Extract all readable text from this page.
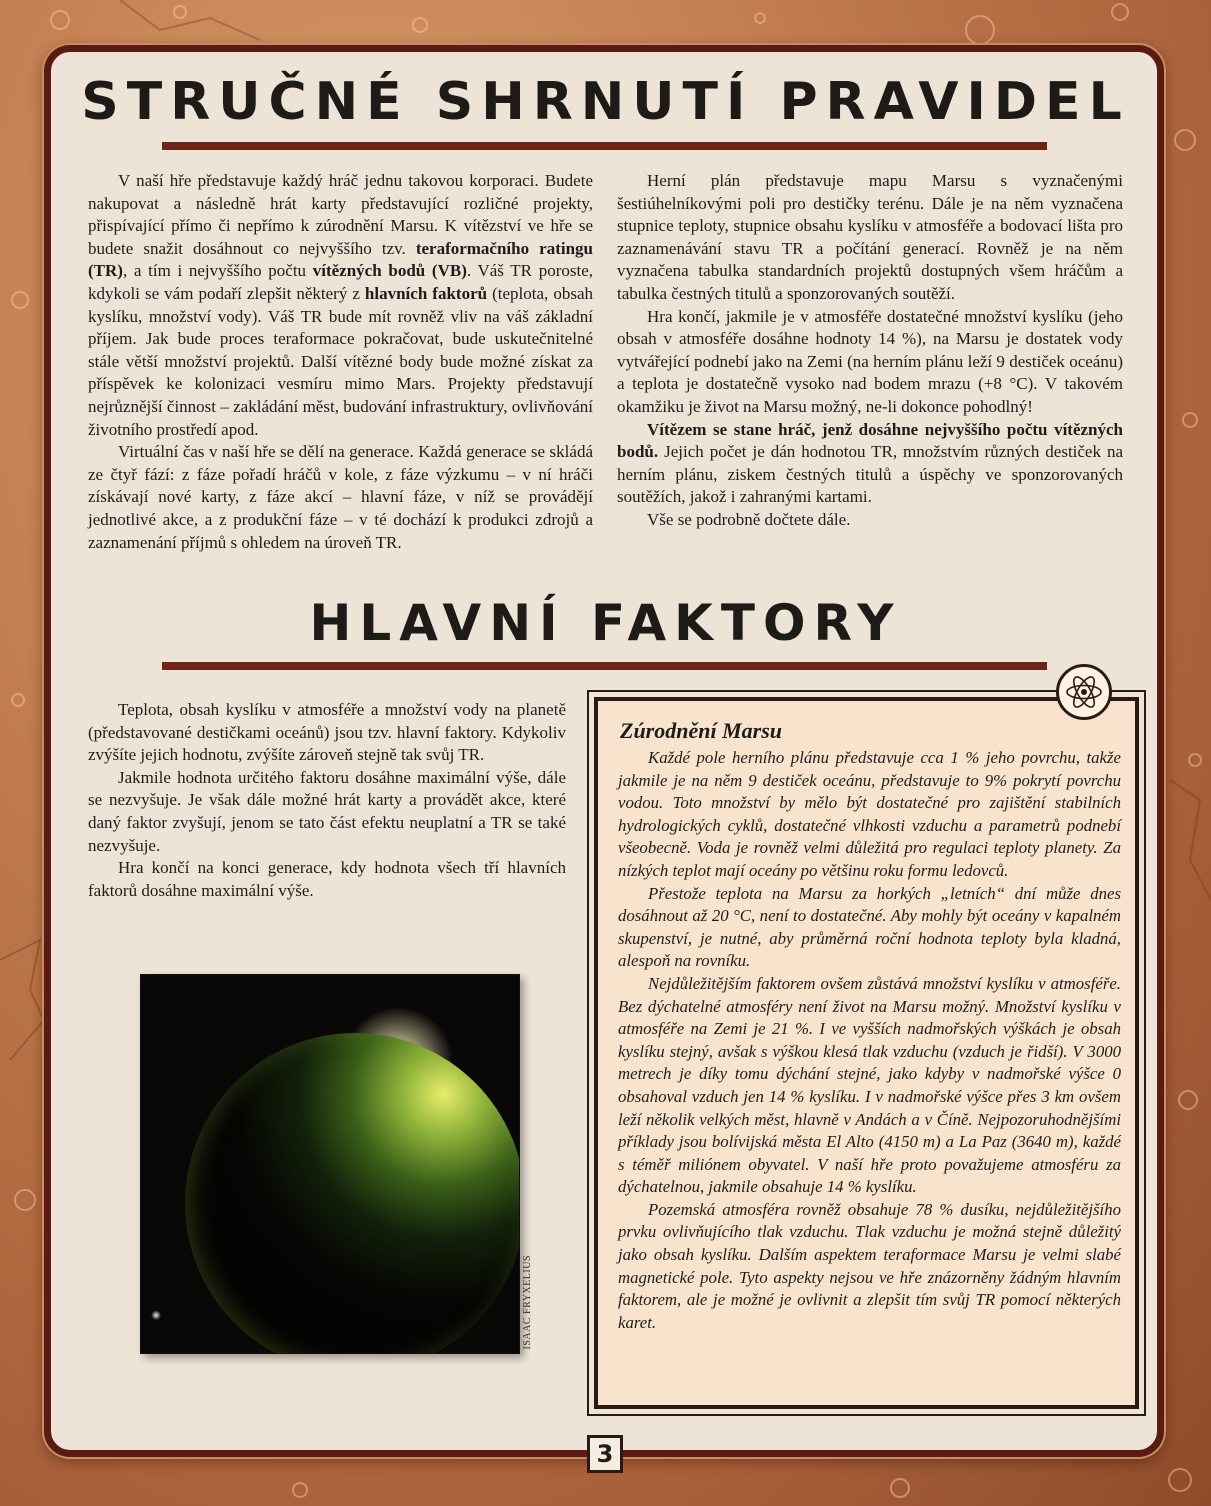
STRUČNÉ SHRNUTÍ PRAVIDEL

V naší hře představuje každý hráč jednu takovou korporaci. Budete nakupovat a následně hrát karty představující rozličné projekty, přispívající přímo či nepřímo k zúrodnění Marsu. K vítězství ve hře se budete snažit dosáhnout co nejvyššího tzv. teraformačního ratingu (TR), a tím i nejvyššího počtu vítězných bodů (VB). Váš TR poroste, kdykoli se vám podaří zlepšit některý z hlavních faktorů (teplota, obsah kyslíku, množství vody). Váš TR bude mít rovněž vliv na váš základní příjem. Jak bude proces teraformace pokračovat, bude uskutečnitelné stále větší množství projektů. Další vítězné body bude možné získat za příspěvek ke kolonizaci vesmíru mimo Mars. Projekty představují nejrůznější činnost – zakládání měst, budování infrastruktury, ovlivňování životního prostředí apod.

Virtuální čas v naší hře se dělí na generace. Každá generace se skládá ze čtyř fází: z fáze pořadí hráčů v kole, z fáze výzkumu – v ní hráči získávají nové karty, z fáze akcí – hlavní fáze, v níž se provádějí jednotlivé akce, a z produkční fáze – v té dochází k produkci zdrojů a zaznamenání příjmů s ohledem na úroveň TR.

Herní plán představuje mapu Marsu s vyznačenými šestiúhelníkovými poli pro destičky terénu. Dále je na něm vyznačena stupnice teploty, stupnice obsahu kyslíku v atmosféře a bodovací lišta pro zaznamenávání stavu TR a počítání generací. Rovněž je na něm vyznačena tabulka standardních projektů dostupných všem hráčům a tabulka čestných titulů a sponzorovaných soutěží.

Hra končí, jakmile je v atmosféře dostatečné množství kyslíku (jeho obsah v atmosféře dosáhne hodnoty 14 %), na Marsu je dostatek vody vytvářející podnebí jako na Zemi (na herním plánu leží 9 destiček oceánu) a teplota je dostatečně vysoko nad bodem mrazu (+8 °C). V takovém okamžiku je život na Marsu možný, ne-li dokonce pohodlný!

Vítězem se stane hráč, jenž dosáhne nejvyššího počtu vítězných bodů. Jejich počet je dán hodnotou TR, množstvím různých destiček na herním plánu, ziskem čestných titulů a úspěchy ve sponzorovaných soutěžích, jakož i zahranými kartami.

Vše se podrobně dočtete dále.

HLAVNÍ FAKTORY

Teplota, obsah kyslíku v atmosféře a množství vody na planetě (představované destičkami oceánů) jsou tzv. hlavní faktory. Kdykoliv zvýšíte jejich hodnotu, zvýšíte zároveň stejně tak svůj TR.

Jakmile hodnota určitého faktoru dosáhne maximální výše, dále se nezvyšuje. Je však dále možné hrát karty a provádět akce, které daný faktor zvyšují, jenom se tato část efektu neuplatní a TR se také nezvyšuje.

Hra končí na konci generace, kdy hodnota všech tří hlavních faktorů dosáhne maximální výše.

ISAAC FRYXELIUS
Zúrodnění Marsu

Každé pole herního plánu představuje cca 1 % jeho povrchu, takže jakmile je na něm 9 destiček oceánu, představuje to 9% pokrytí povrchu vodou. Toto množství by mělo být dostatečné pro zajištění stabilních hydrologických cyklů, dostatečné vlhkosti vzduchu a parametrů podnebí všeobecně. Voda je rovněž velmi důležitá pro regulaci teploty planety. Za nízkých teplot mají oceány po většinu roku formu ledovců.

Přestože teplota na Marsu za horkých „letních“ dní může dnes dosáhnout až 20 °C, není to dostatečné. Aby mohly být oceány v kapalném skupenství, je nutné, aby průměrná roční hodnota teploty byla kladná, alespoň na rovníku.

Nejdůležitějším faktorem ovšem zůstává množství kyslíku v atmosféře. Bez dýchatelné atmosféry není život na Marsu možný. Množství kyslíku v atmosféře na Zemi je 21 %. I ve vyšších nadmořských výškách je obsah kyslíku stejný, avšak s výškou klesá tlak vzduchu (vzduch je řidší). V 3000 metrech je díky tomu dýchání stejné, jako kdyby v nadmořské výšce 0 obsahoval vzduch jen 14 % kyslíku. I v nadmořské výšce přes 3 km ovšem leží několik velkých měst, hlavně v Andách a v Číně. Nejpozoruhodnějšími příklady jsou bolívijská města El Alto (4150 m) a La Paz (3640 m), každé s téměř miliónem obyvatel. V naší hře proto považujeme atmosféru za dýchatelnou, jakmile obsahuje 14 % kyslíku.

Pozemská atmosféra rovněž obsahuje 78 % dusíku, nejdůležitějšího prvku ovlivňujícího tlak vzduchu. Tlak vzduchu je možná stejně důležitý jako obsah kyslíku. Dalším aspektem teraformace Marsu je velmi slabé magnetické pole. Tyto aspekty nejsou ve hře znázorněny žádným hlavním faktorem, ale je možné je ovlivnit a zlepšit tím svůj TR pomocí některých karet.

3
